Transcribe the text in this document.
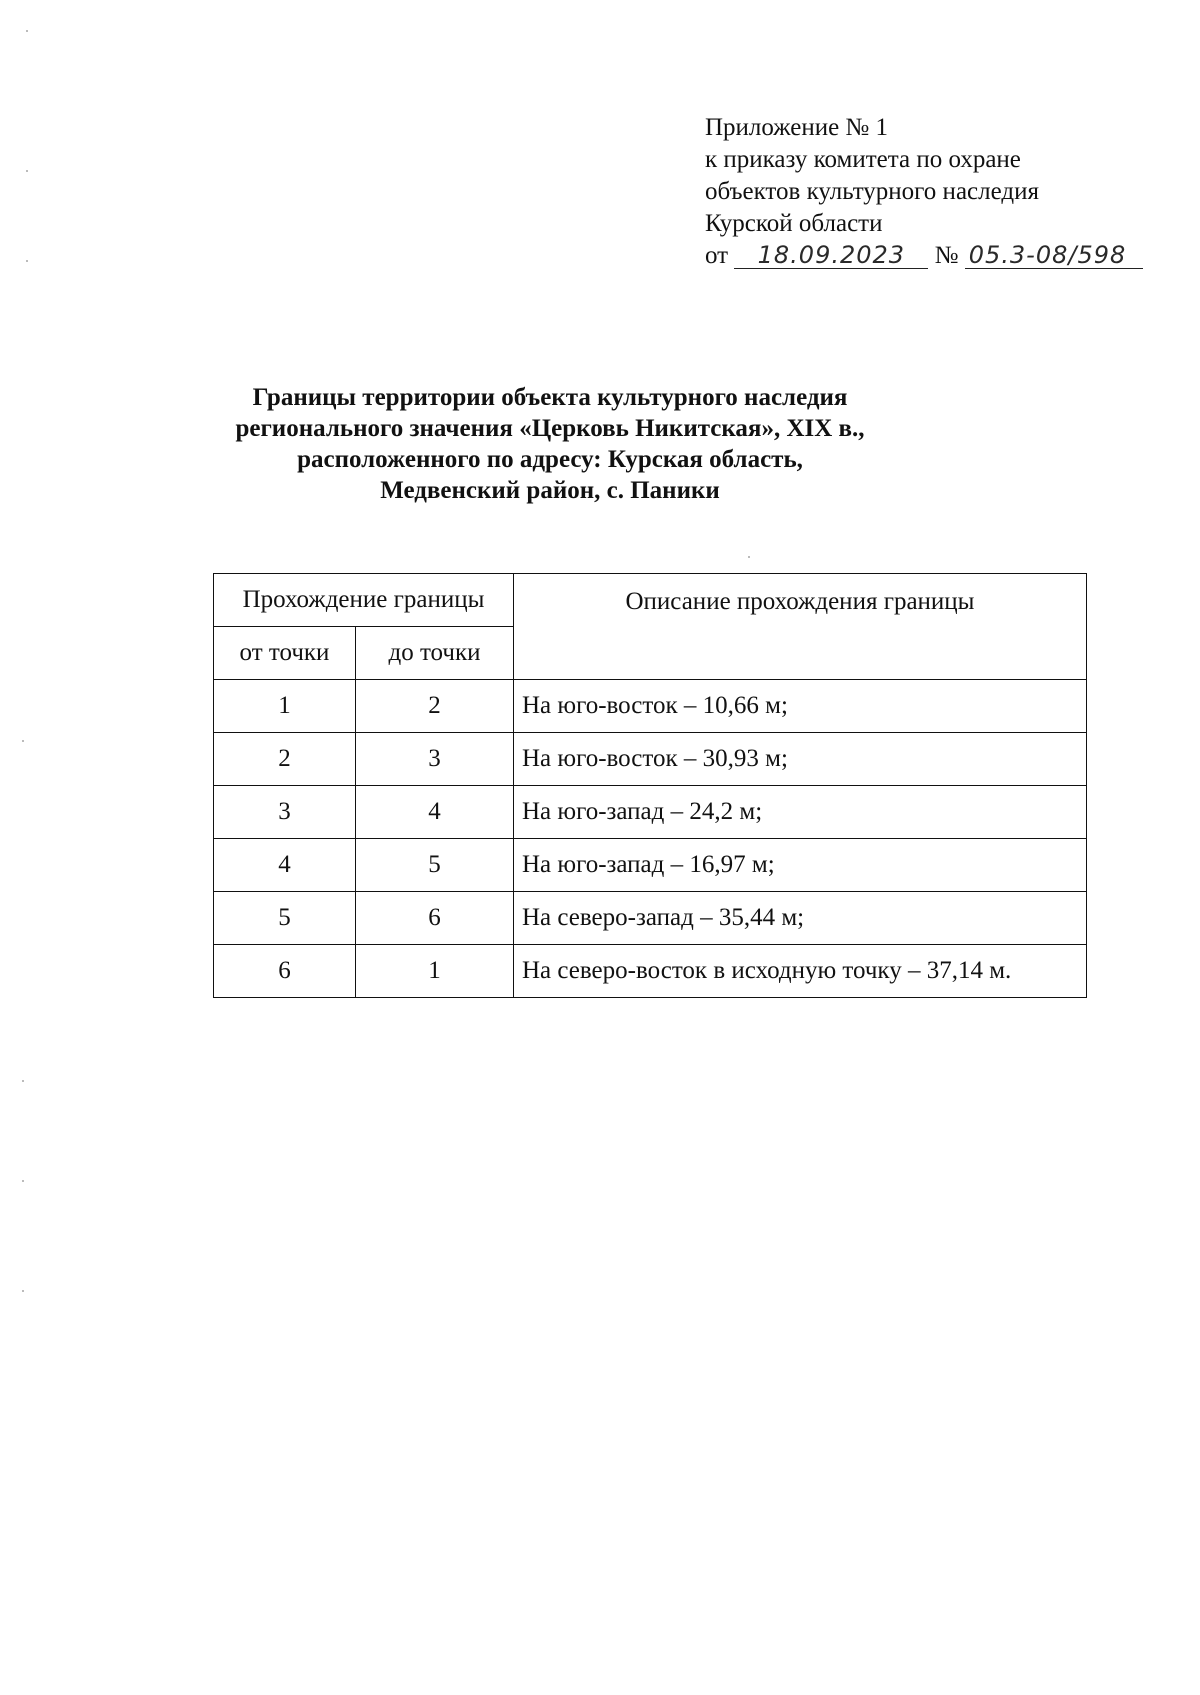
Приложение № 1
к приказу комитета по охране
объектов культурного наследия
Курской области
от 18.09.2023 № 05.3-08/598
Границы территории объекта культурного наследия
регионального значения «Церковь Никитская», XIX в.,
расположенного по адресу: Курская область,
Медвенский район, с. Паники
Прохождение границы		Описание прохождения границы
от точки	до точки	
1	2	На юго-восток – 10,66 м;
2	3	На юго-восток – 30,93 м;
3	4	На юго-запад – 24,2 м;
4	5	На юго-запад – 16,97 м;
5	6	На северо-запад – 35,44 м;
6	1	На северо-восток в исходную точку – 37,14 м.
